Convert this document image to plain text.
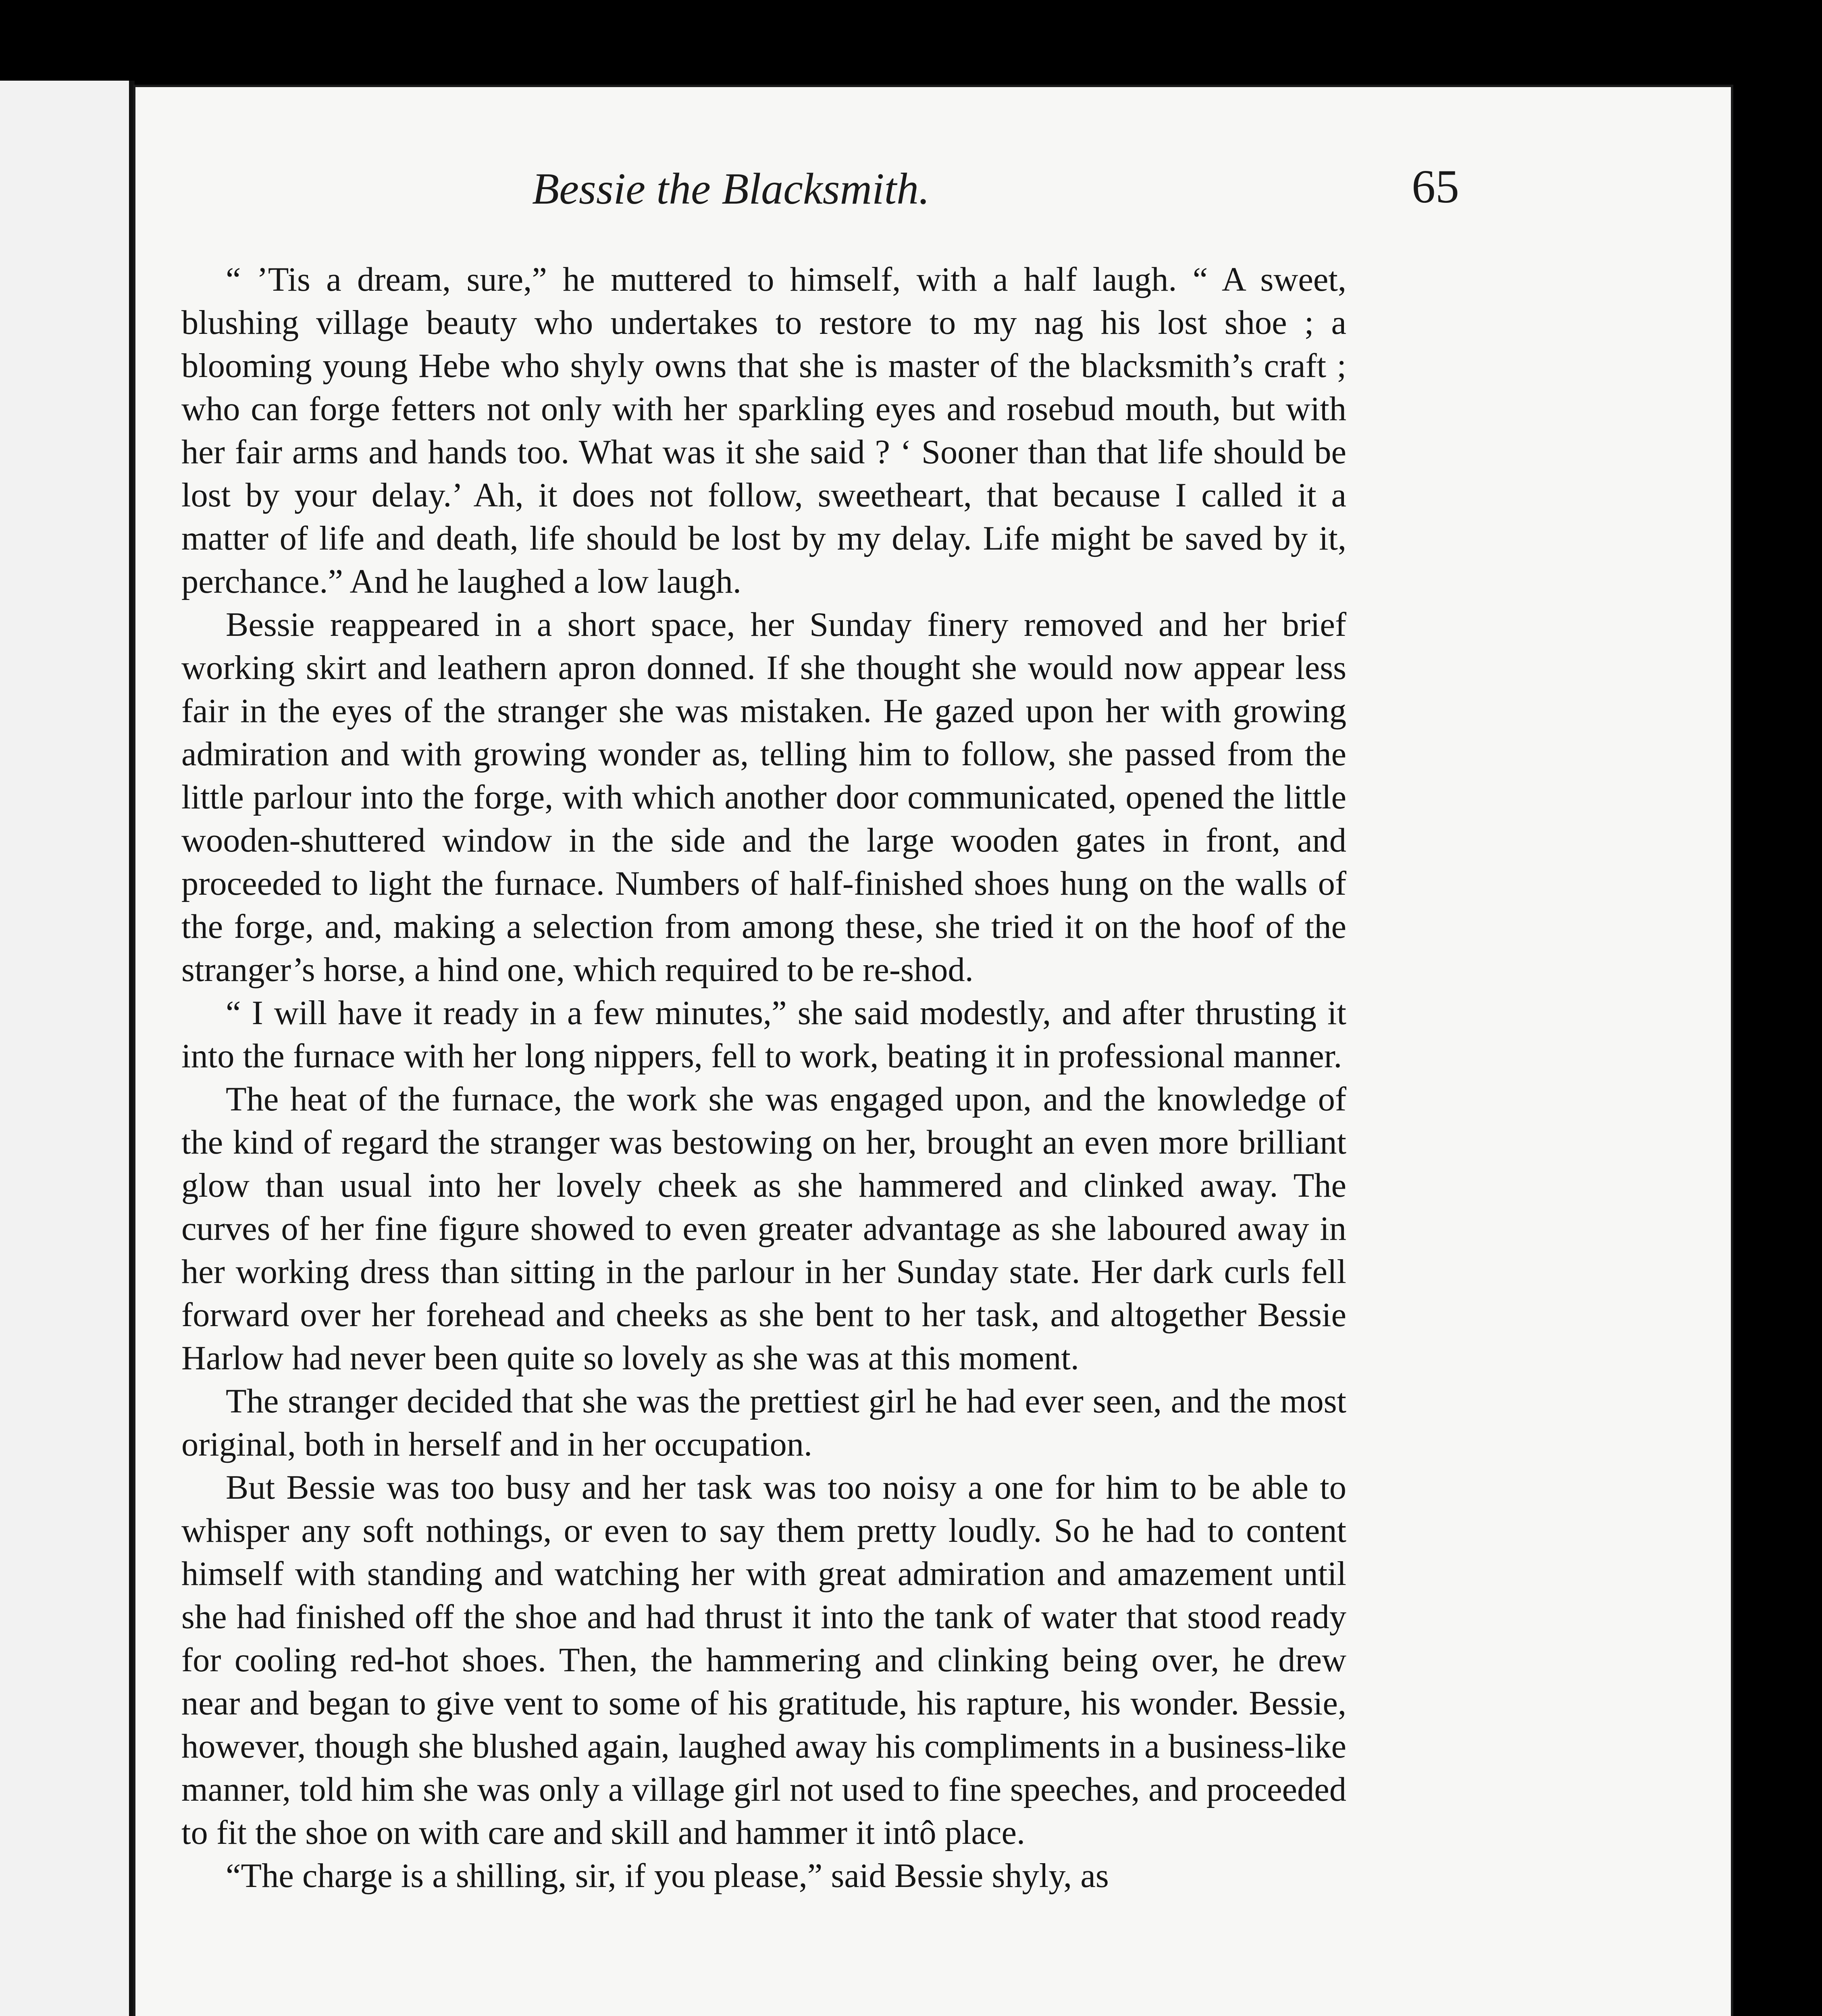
Bessie the Blacksmith.	65

“ ’Tis a dream, sure,” he muttered to himself, with a half laugh. “ A sweet, blushing village beauty who undertakes to restore to my nag his lost shoe ; a blooming young Hebe who shyly owns that she is master of the blacksmith’s craft ; who can forge fetters not only with her sparkling eyes and rosebud mouth, but with her fair arms and hands too. What was it she said ? ‘ Sooner than that life should be lost by your delay.’ Ah, it does not follow, sweetheart, that because I called it a matter of life and death, life should be lost by my delay. Life might be saved by it, perchance.” And he laughed a low laugh.

Bessie reappeared in a short space, her Sunday finery removed and her brief working skirt and leathern apron donned. If she thought she would now appear less fair in the eyes of the stranger she was mistaken. He gazed upon her with growing admiration and with growing wonder as, telling him to follow, she passed from the little parlour into the forge, with which another door communicated, opened the little wooden-shuttered window in the side and the large wooden gates in front, and proceeded to light the furnace. Numbers of half-finished shoes hung on the walls of the forge, and, making a selection from among these, she tried it on the hoof of the stranger’s horse, a hind one, which required to be re-shod.

“ I will have it ready in a few minutes,” she said modestly, and after thrusting it into the furnace with her long nippers, fell to work, beating it in professional manner.

The heat of the furnace, the work she was engaged upon, and the knowledge of the kind of regard the stranger was bestowing on her, brought an even more brilliant glow than usual into her lovely cheek as she hammered and clinked away. The curves of her fine figure showed to even greater advantage as she laboured away in her working dress than sitting in the parlour in her Sunday state. Her dark curls fell forward over her forehead and cheeks as she bent to her task, and altogether Bessie Harlow had never been quite so lovely as she was at this moment.

The stranger decided that she was the prettiest girl he had ever seen, and the most original, both in herself and in her occupation.

But Bessie was too busy and her task was too noisy a one for him to be able to whisper any soft nothings, or even to say them pretty loudly. So he had to content himself with standing and watching her with great admiration and amazement until she had finished off the shoe and had thrust it into the tank of water that stood ready for cooling red-hot shoes. Then, the hammering and clinking being over, he drew near and began to give vent to some of his gratitude, his rapture, his wonder. Bessie, however, though she blushed again, laughed away his compliments in a business-like manner, told him she was only a village girl not used to fine speeches, and proceeded to fit the shoe on with care and skill and hammer it intô place.

“The charge is a shilling, sir, if you please,” said Bessie shyly, as
